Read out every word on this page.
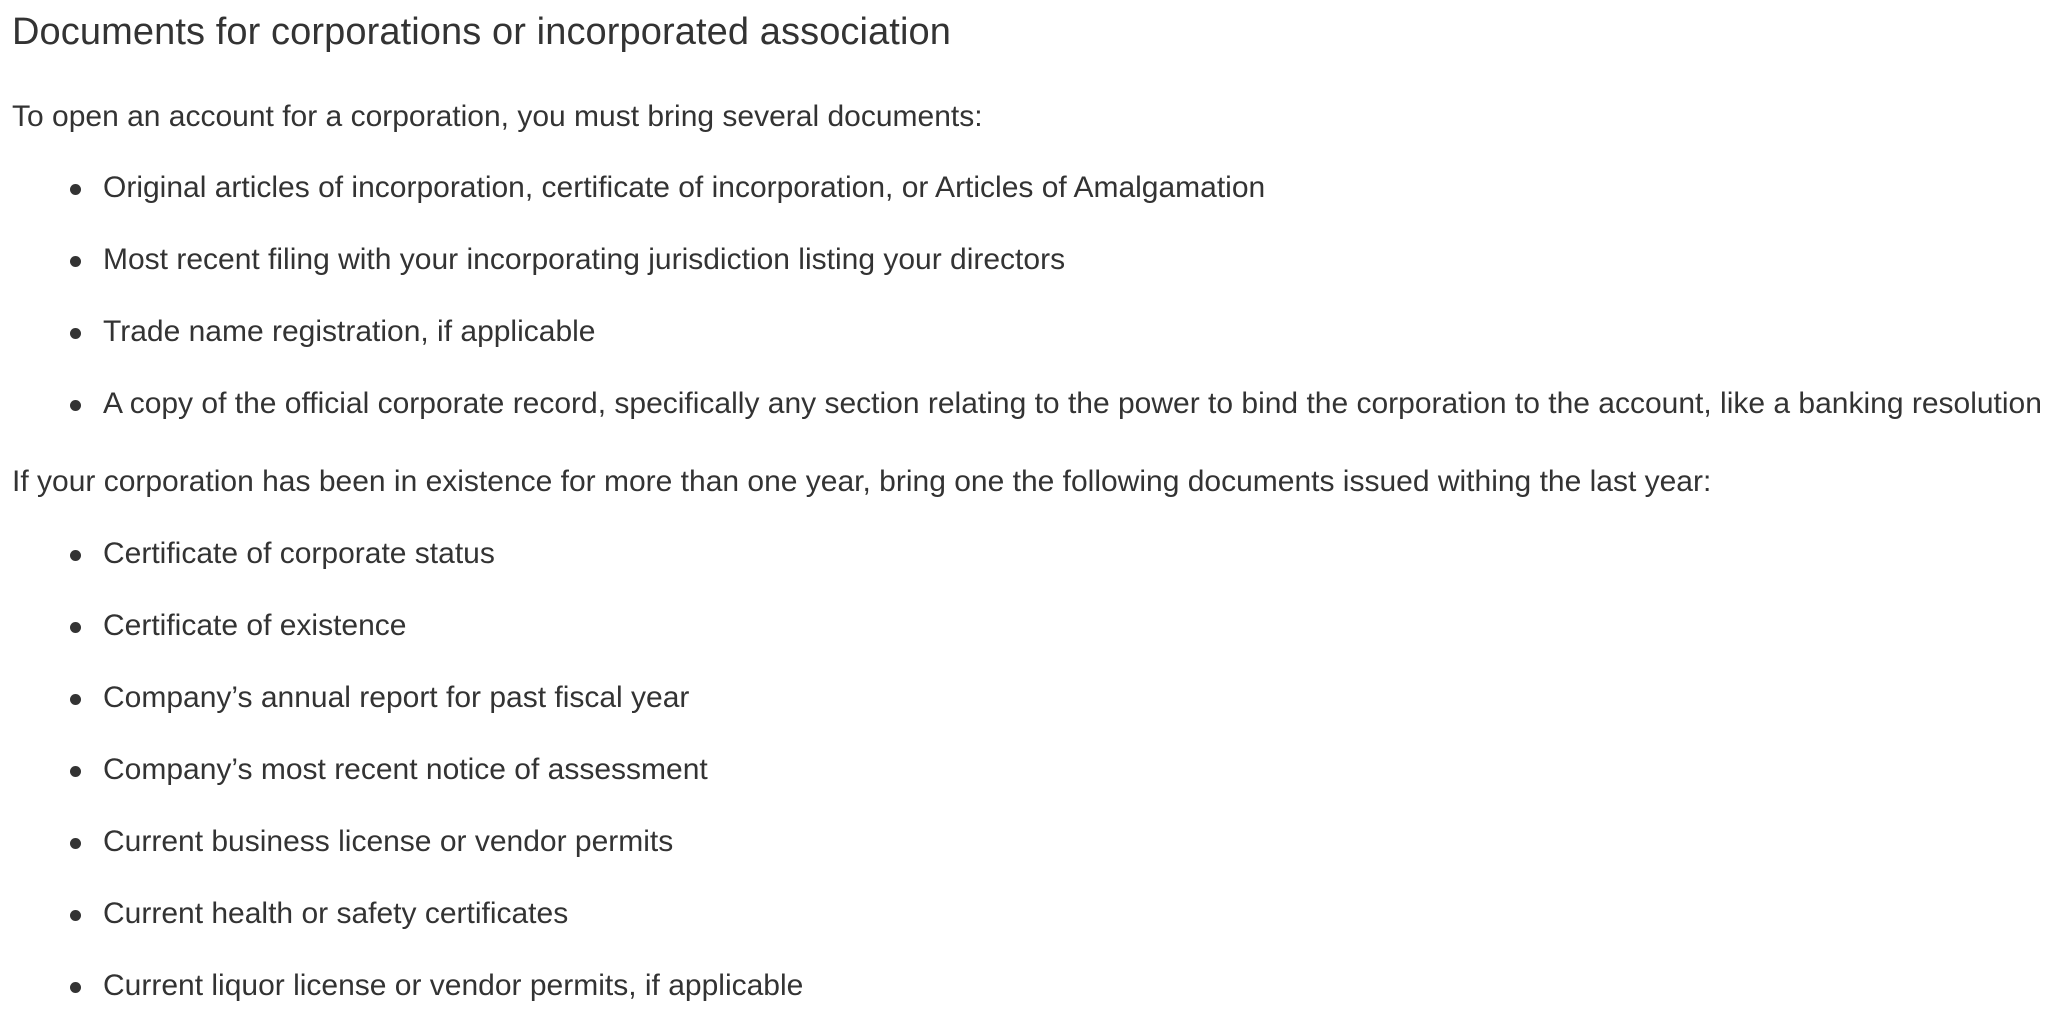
Documents for corporations or incorporated association

To open an account for a corporation, you must bring several documents:

Original articles of incorporation, certificate of incorporation, or Articles of Amalgamation
Most recent filing with your incorporating jurisdiction listing your directors
Trade name registration, if applicable
A copy of the official corporate record, specifically any section relating to the power to bind the corporation to the account, like a banking resolution

If your corporation has been in existence for more than one year, bring one the following documents issued withing the last year:

Certificate of corporate status
Certificate of existence
Company’s annual report for past fiscal year
Company’s most recent notice of assessment
Current business license or vendor permits
Current health or safety certificates
Current liquor license or vendor permits, if applicable
